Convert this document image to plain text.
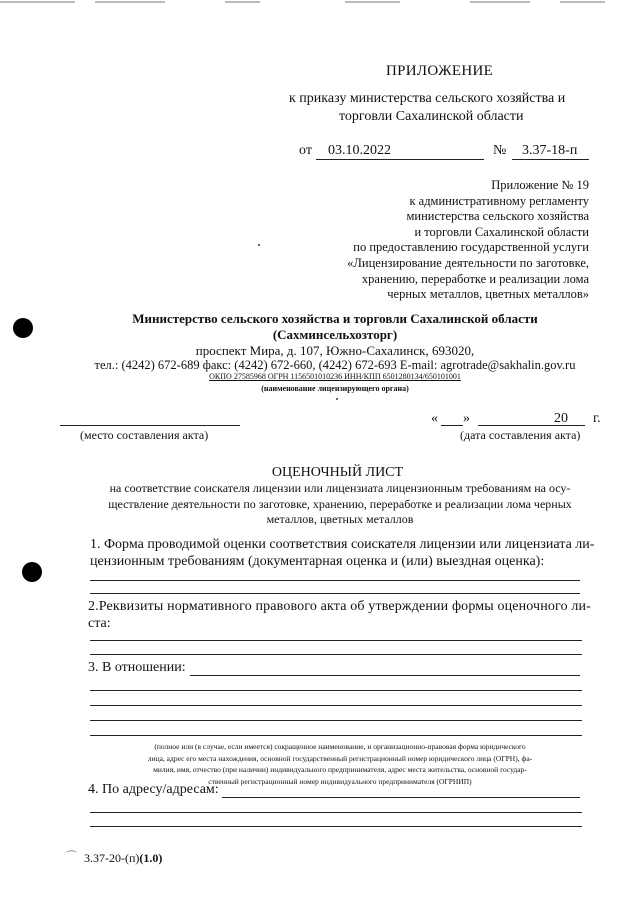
ПРИЛОЖЕНИЕ
к приказу министерства сельского хозяйства и
торговли Сахалинской области
от 03.10.2022	№ 3.37-18-п
Приложение № 19
к административному регламенту
министерства сельского хозяйства
и торговли Сахалинской области
по предоставлению государственной услуги
«Лицензирование деятельности по заготовке,
хранению, переработке и реализации лома
черных металлов, цветных металлов»
Министерство сельского хозяйства и торговли Сахалинской области
(Сахминсельхозторг)
проспект Мира, д. 107, Южно-Сахалинск, 693020,
тел.: (4242) 672-689 факс: (4242) 672-660, (4242) 672-693 E-mail: agrotrade@sakhalin.gov.ru
ОКПО 27585968 ОГРН 1156501010236 ИНН/КПП 6501280134/650101001
(наименование лицензирующего органа)
(место составления акта)
« »	20 г.
(дата составления акта)
ОЦЕНОЧНЫЙ ЛИСТ
на соответствие соискателя лицензии или лицензиата лицензионным требованиям на осу-
ществление деятельности по заготовке, хранению, переработке и реализации лома черных
металлов, цветных металлов
1. Форма проводимой оценки соответствия соискателя лицензии или лицензиата ли-
цензионным требованиям (документарная оценка и (или) выездная оценка):
2.Реквизиты нормативного правового акта об утверждении формы оценочного ли-
ста:
3. В отношении:
(полное или (в случае, если имеется) сокращенное наименование, и организационно-правовая форма юридического
лица, адрес его места нахождения, основной государственный регистрационный номер юридического лица (ОГРН), фа-
милия, имя, отчество (при наличии) индивидуального предпринимателя, адрес места жительства, основной государ-
ственный регистрационный номер индивидуального предпринимателя (ОГРНИП)
4. По адресу/адресам:
⌒ 3.37-20-(п)(1.0)
